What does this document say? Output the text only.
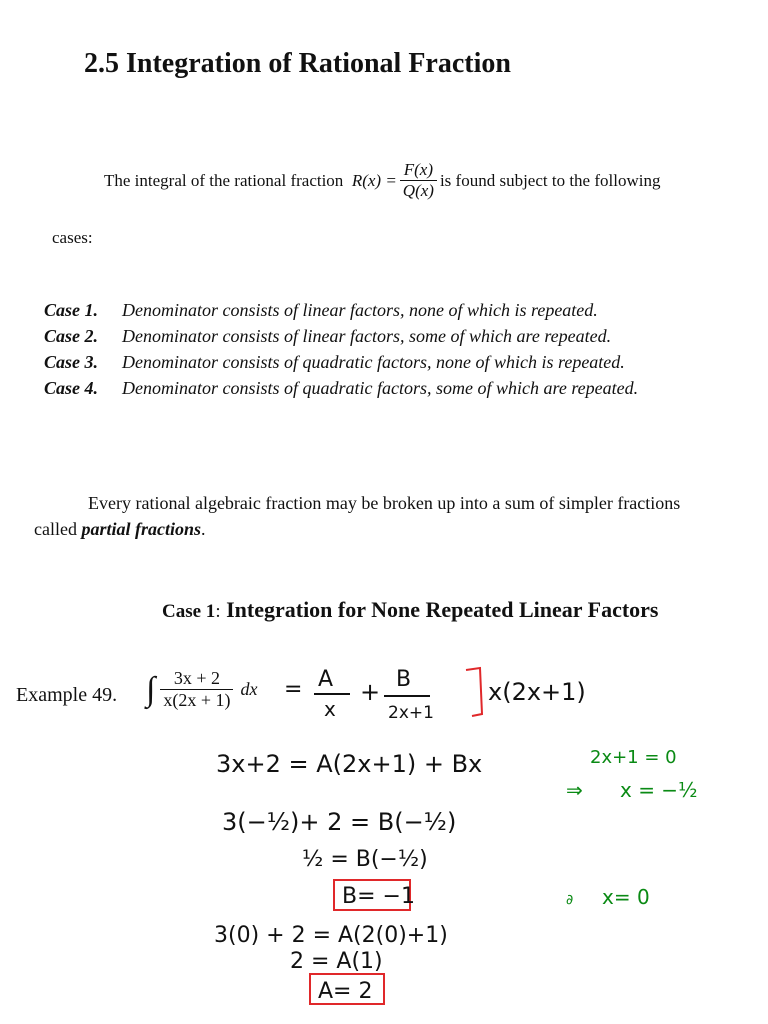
2.5 Integration of Rational Fraction
The integral of the rational fraction
$R(x) = \frac{F(x)}{Q(x)}$ is found subject to the following
cases:
Case 1.	Denominator consists of linear factors, none of which is repeated.
Case 2.	Denominator consists of linear factors, some of which are repeated.
Case 3.	Denominator consists of quadratic factors, none of which is repeated.
Case 4.	Denominator consists of quadratic factors, some of which are repeated.
Every rational algebraic fraction may be broken up into a sum of simpler fractions
called partial fractions.
Case 1: Integration for None Repeated Linear Factors
Example 49. ∫ $\frac{3x + 2}{x(2x + 1)}$ dx = A
x
+ B
2x+1
x(2x+1)
3x+2 = A(2x+1) + Bx
3(−½)+ 2 = B(−½)
½ = B(−½)
B= −1
3(0) + 2 = A(2(0)+1)
2 = A(1)
A= 2
2x+1 = 0
⇒ x = −½
∂ x= 0
